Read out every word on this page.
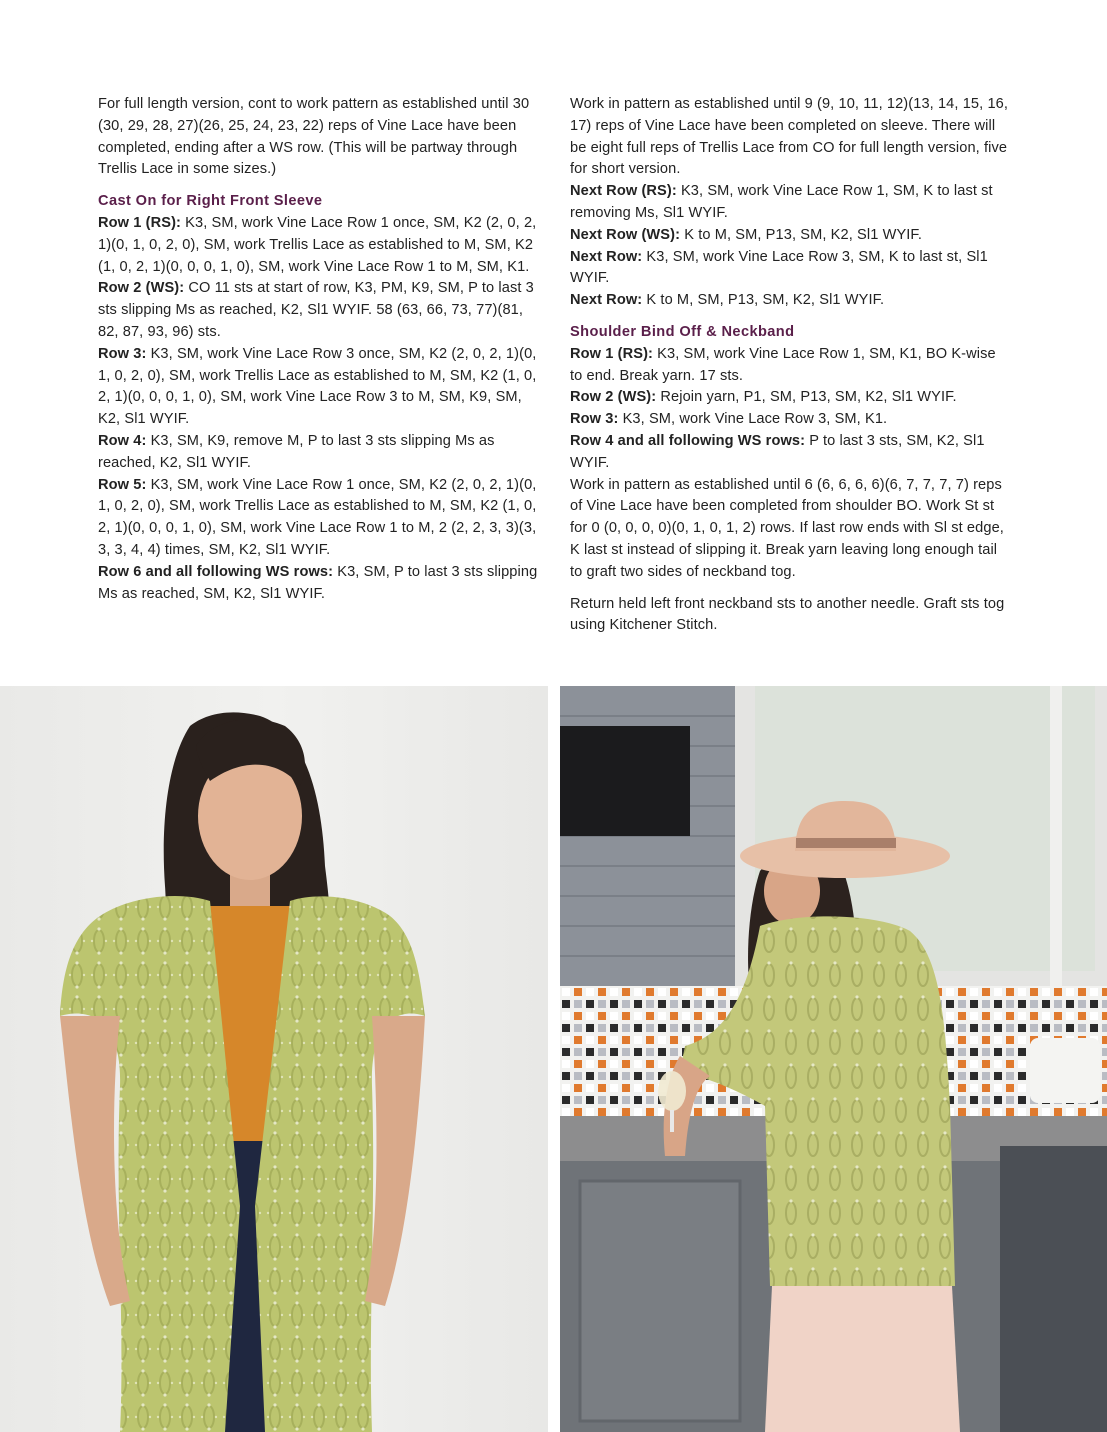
For full length version, cont to work pattern as established until 30 (30, 29, 28, 27)(26, 25, 24, 23, 22) reps of Vine Lace have been completed, ending after a WS row. (This will be partway through Trellis Lace in some sizes.)

Cast On for Right Front Sleeve

Row 1 (RS): K3, SM, work Vine Lace Row 1 once, SM, K2 (2, 0, 2, 1)(0, 1, 0, 2, 0), SM, work Trellis Lace as established to M, SM, K2 (1, 0, 2, 1)(0, 0, 0, 1, 0), SM, work Vine Lace Row 1 to M, SM, K1.

Row 2 (WS): CO 11 sts at start of row, K3, PM, K9, SM, P to last 3 sts slipping Ms as reached, K2, Sl1 WYIF. 58 (63, 66, 73, 77)(81, 82, 87, 93, 96) sts.

Row 3: K3, SM, work Vine Lace Row 3 once, SM, K2 (2, 0, 2, 1)(0, 1, 0, 2, 0), SM, work Trellis Lace as established to M, SM, K2 (1, 0, 2, 1)(0, 0, 0, 1, 0), SM, work Vine Lace Row 3 to M, SM, K9, SM, K2, Sl1 WYIF.

Row 4: K3, SM, K9, remove M, P to last 3 sts slipping Ms as reached, K2, Sl1 WYIF.

Row 5: K3, SM, work Vine Lace Row 1 once, SM, K2 (2, 0, 2, 1)(0, 1, 0, 2, 0), SM, work Trellis Lace as established to M, SM, K2 (1, 0, 2, 1)(0, 0, 0, 1, 0), SM, work Vine Lace Row 1 to M, 2 (2, 2, 3, 3)(3, 3, 3, 4, 4) times, SM, K2, Sl1 WYIF.

Row 6 and all following WS rows: K3, SM, P to last 3 sts slipping Ms as reached, SM, K2, Sl1 WYIF.

Work in pattern as established until 9 (9, 10, 11, 12)(13, 14, 15, 16, 17) reps of Vine Lace have been completed on sleeve. There will be eight full reps of Trellis Lace from CO for full length version, five for short version.

Next Row (RS): K3, SM, work Vine Lace Row 1, SM, K to last st removing Ms, Sl1 WYIF.

Next Row (WS): K to M, SM, P13, SM, K2, Sl1 WYIF.

Next Row: K3, SM, work Vine Lace Row 3, SM, K to last st, Sl1 WYIF.

Next Row: K to M, SM, P13, SM, K2, Sl1 WYIF.

Shoulder Bind Off & Neckband

Row 1 (RS): K3, SM, work Vine Lace Row 1, SM, K1, BO K-wise to end. Break yarn. 17 sts.

Row 2 (WS): Rejoin yarn, P1, SM, P13, SM, K2, Sl1 WYIF.

Row 3: K3, SM, work Vine Lace Row 3, SM, K1.

Row 4 and all following WS rows: P to last 3 sts, SM, K2, Sl1 WYIF.

Work in pattern as established until 6 (6, 6, 6, 6)(6, 7, 7, 7, 7) reps of Vine Lace have been completed from shoulder BO. Work St st for 0 (0, 0, 0, 0)(0, 1, 0, 1, 2) rows. If last row ends with Sl st edge, K last st instead of slipping it. Break yarn leaving long enough tail to graft two sides of neckband tog.

Return held left front neckband sts to another needle. Graft sts tog using Kitchener Stitch.
